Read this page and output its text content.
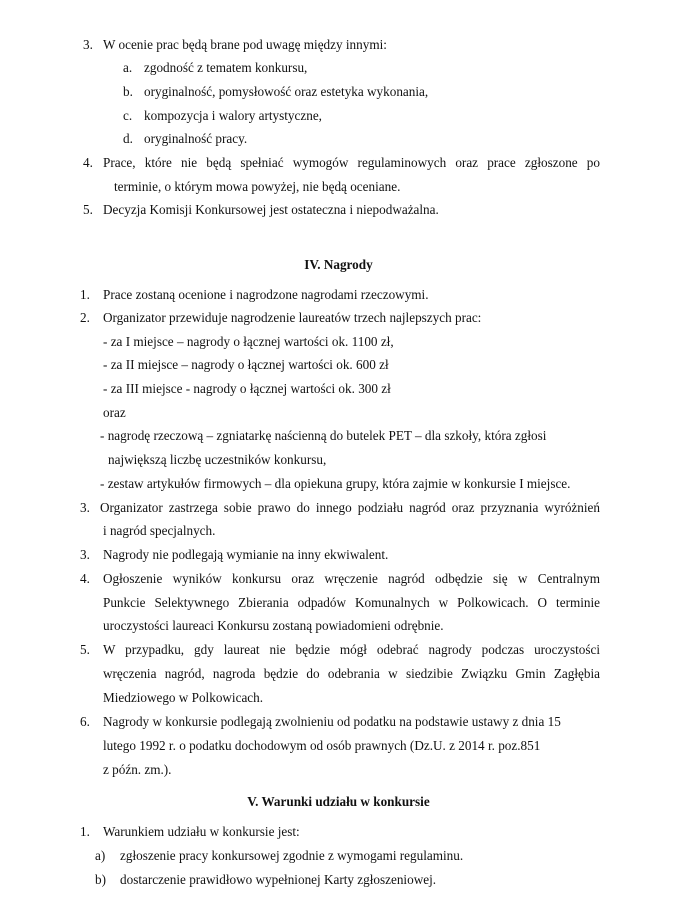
3. W ocenie prac będą brane pod uwagę między innymi:
a. zgodność z tematem konkursu,
b. oryginalność, pomysłowość oraz estetyka wykonania,
c. kompozycja i walory artystyczne,
d. oryginalność pracy.
4. Prace, które nie będą spełniać wymogów regulaminowych oraz prace zgłoszone po
terminie, o którym mowa powyżej, nie będą oceniane.
5. Decyzja Komisji Konkursowej jest ostateczna i niepodważalna.
IV. Nagrody
1. Prace zostaną ocenione i nagrodzone nagrodami rzeczowymi.
2. Organizator przewiduje nagrodzenie laureatów trzech najlepszych prac:
- za I miejsce – nagrody o łącznej wartości ok. 1100 zł,
- za II miejsce – nagrody o łącznej wartości ok. 600 zł
- za III miejsce - nagrody o łącznej wartości ok. 300 zł
oraz
- nagrodę rzeczową – zgniatarkę naścienną do butelek PET – dla szkoły, która zgłosi
największą liczbę uczestników konkursu,
- zestaw artykułów firmowych – dla opiekuna grupy, która zajmie w konkursie I miejsce.
3. Organizator zastrzega sobie prawo do innego podziału nagród oraz przyznania wyróżnień
i nagród specjalnych.
3. Nagrody nie podlegają wymianie na inny ekwiwalent.
4. Ogłoszenie wyników konkursu oraz wręczenie nagród odbędzie się w Centralnym
Punkcie Selektywnego Zbierania odpadów Komunalnych w Polkowicach. O terminie
uroczystości laureaci Konkursu zostaną powiadomieni odrębnie.
5. W przypadku, gdy laureat nie będzie mógł odebrać nagrody podczas uroczystości
wręczenia nagród, nagroda będzie do odebrania w siedzibie Związku Gmin Zagłębia
Miedziowego w Polkowicach.
6. Nagrody w konkursie podlegają zwolnieniu od podatku na podstawie ustawy z dnia 15
lutego 1992 r. o podatku dochodowym od osób prawnych (Dz.U. z 2014 r. poz.851
z późn. zm.).
V. Warunki udziału w konkursie
1. Warunkiem udziału w konkursie jest:
a) zgłoszenie pracy konkursowej zgodnie z wymogami regulaminu.
b) dostarczenie prawidłowo wypełnionej Karty zgłoszeniowej.
